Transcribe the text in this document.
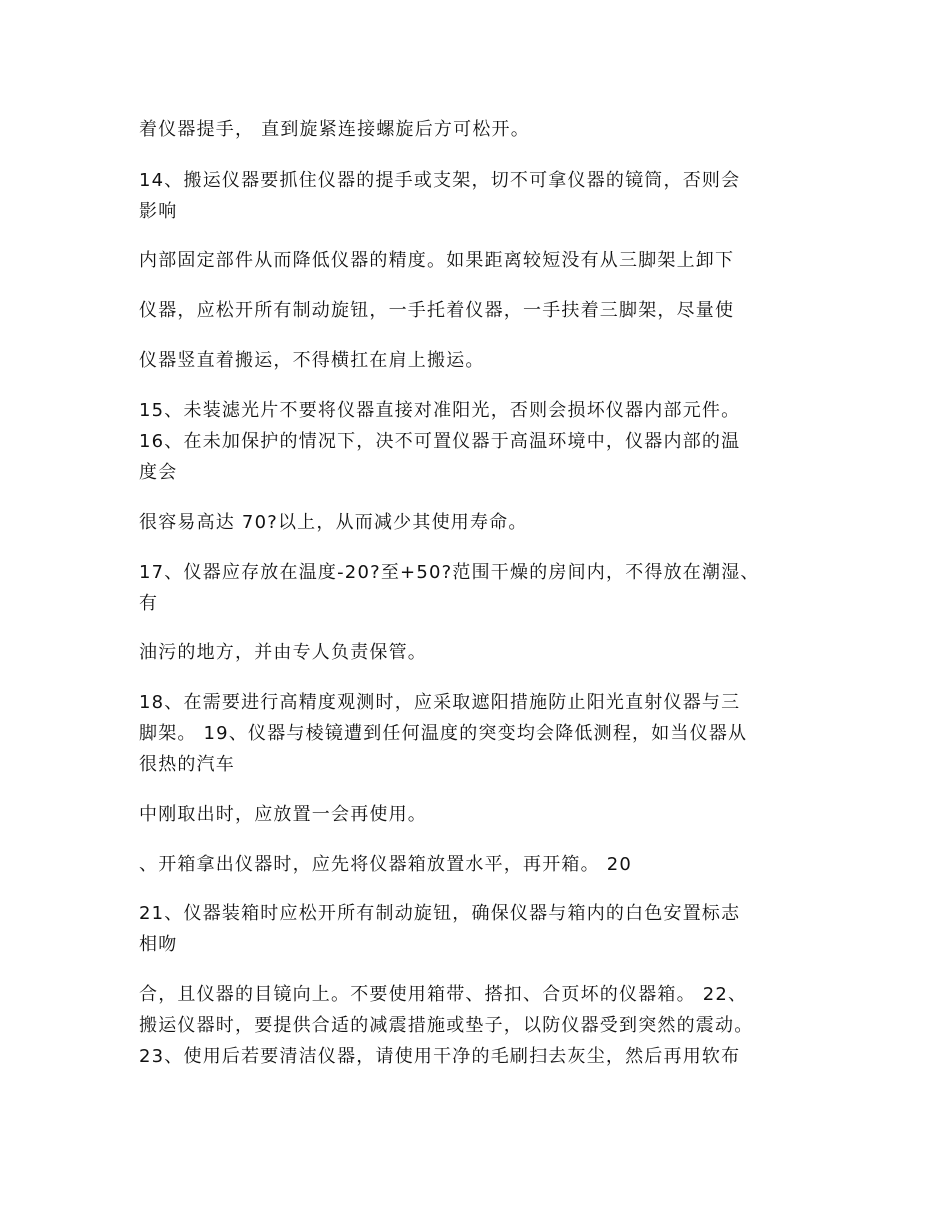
着仪器提手， 直到旋紧连接螺旋后方可松开。
14、搬运仪器要抓住仪器的提手或支架，切不可拿仪器的镜筒，否则会
影响
内部固定部件从而降低仪器的精度。如果距离较短没有从三脚架上卸下
仪器，应松开所有制动旋钮，一手托着仪器，一手扶着三脚架，尽量使
仪器竖直着搬运，不得横扛在肩上搬运。
15、未装滤光片不要将仪器直接对准阳光，否则会损坏仪器内部元件。
16、在未加保护的情况下，决不可置仪器于高温环境中，仪器内部的温
度会
很容易高达 70?以上，从而减少其使用寿命。
17、仪器应存放在温度-20?至+50?范围干燥的房间内，不得放在潮湿、
有
油污的地方，并由专人负责保管。
18、在需要进行高精度观测时，应采取遮阳措施防止阳光直射仪器与三
脚架。 19、仪器与棱镜遭到任何温度的突变均会降低测程，如当仪器从
很热的汽车
中刚取出时，应放置一会再使用。
、开箱拿出仪器时，应先将仪器箱放置水平，再开箱。 20
21、仪器装箱时应松开所有制动旋钮，确保仪器与箱内的白色安置标志
相吻
合，且仪器的目镜向上。不要使用箱带、搭扣、合页坏的仪器箱。 22、
搬运仪器时，要提供合适的减震措施或垫子，以防仪器受到突然的震动。
23、使用后若要清洁仪器，请使用干净的毛刷扫去灰尘，然后再用软布
